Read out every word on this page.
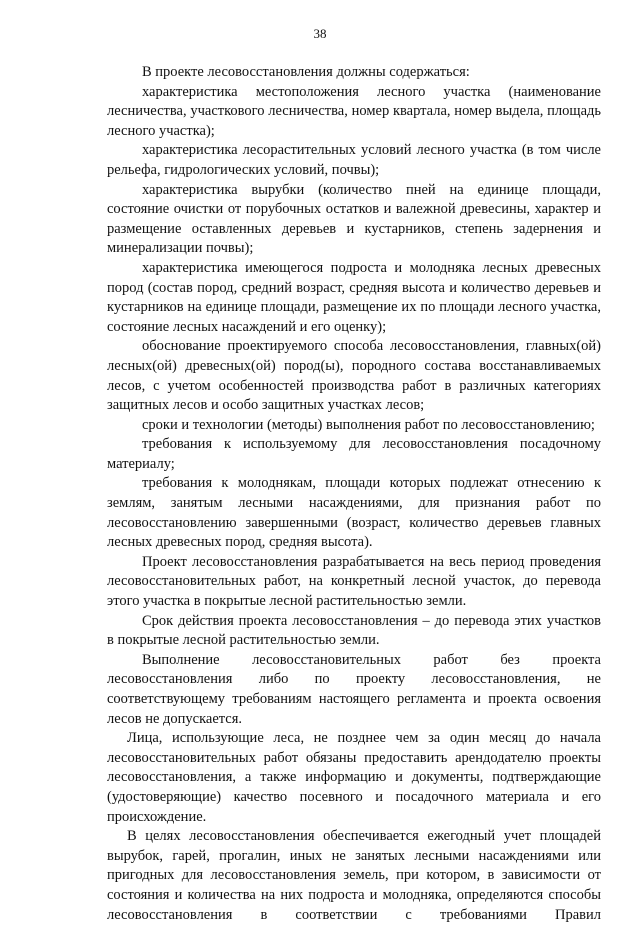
38

В проекте лесовосстановления должны содержаться:

характеристика местоположения лесного участка (наименование лесничества, участкового лесничества, номер квартала, номер выдела, площадь лесного участка);

характеристика лесорастительных условий лесного участка (в том числе рельефа, гидрологических условий, почвы);

характеристика вырубки (количество пней на единице площади, состояние очистки от порубочных остатков и валежной древесины, характер и размещение оставленных деревьев и кустарников, степень задернения и минерализации почвы);

характеристика имеющегося подроста и молодняка лесных древесных пород (состав пород, средний возраст, средняя высота и количество деревьев и кустарников на единице площади, размещение их по площади лесного участка, состояние лесных насаждений и его оценку);

обоснование проектируемого способа лесовосстановления, главных(ой) лесных(ой) древесных(ой) пород(ы), породного состава восстанавливаемых лесов, с учетом особенностей производства работ в различных категориях защитных лесов и особо защитных участках лесов;

сроки и технологии (методы) выполнения работ по лесовосстановлению;

требования к используемому для лесовосстановления посадочному материалу;

требования к молоднякам, площади которых подлежат отнесению к землям, занятым лесными насаждениями, для признания работ по лесовосстановлению завершенными (возраст, количество деревьев главных лесных древесных пород, средняя высота).

Проект лесовосстановления разрабатывается на весь период проведения лесовосстановительных работ, на конкретный лесной участок, до перевода этого участка в покрытые лесной растительностью земли.

Срок действия проекта лесовосстановления – до перевода этих участков в покрытые лесной растительностью земли.

Выполнение лесовосстановительных работ без проекта лесовосстановления либо по проекту лесовосстановления, не соответствующему требованиям настоящего регламента и проекта освоения лесов не допускается.

Лица, использующие леса, не позднее чем за один месяц до начала лесовосстановительных работ обязаны предоставить арендодателю проекты лесовосстановления, а также информацию и документы, подтверждающие (удостоверяющие) качество посевного и посадочного материала и его происхождение.

В целях лесовосстановления обеспечивается ежегодный учет площадей вырубок, гарей, прогалин, иных не занятых лесными насаждениями или пригодных для лесовосстановления земель, при котором, в зависимости от состояния и количества на них подроста и молодняка, определяются способы лесовосстановления в соответствии с требованиями Правил
